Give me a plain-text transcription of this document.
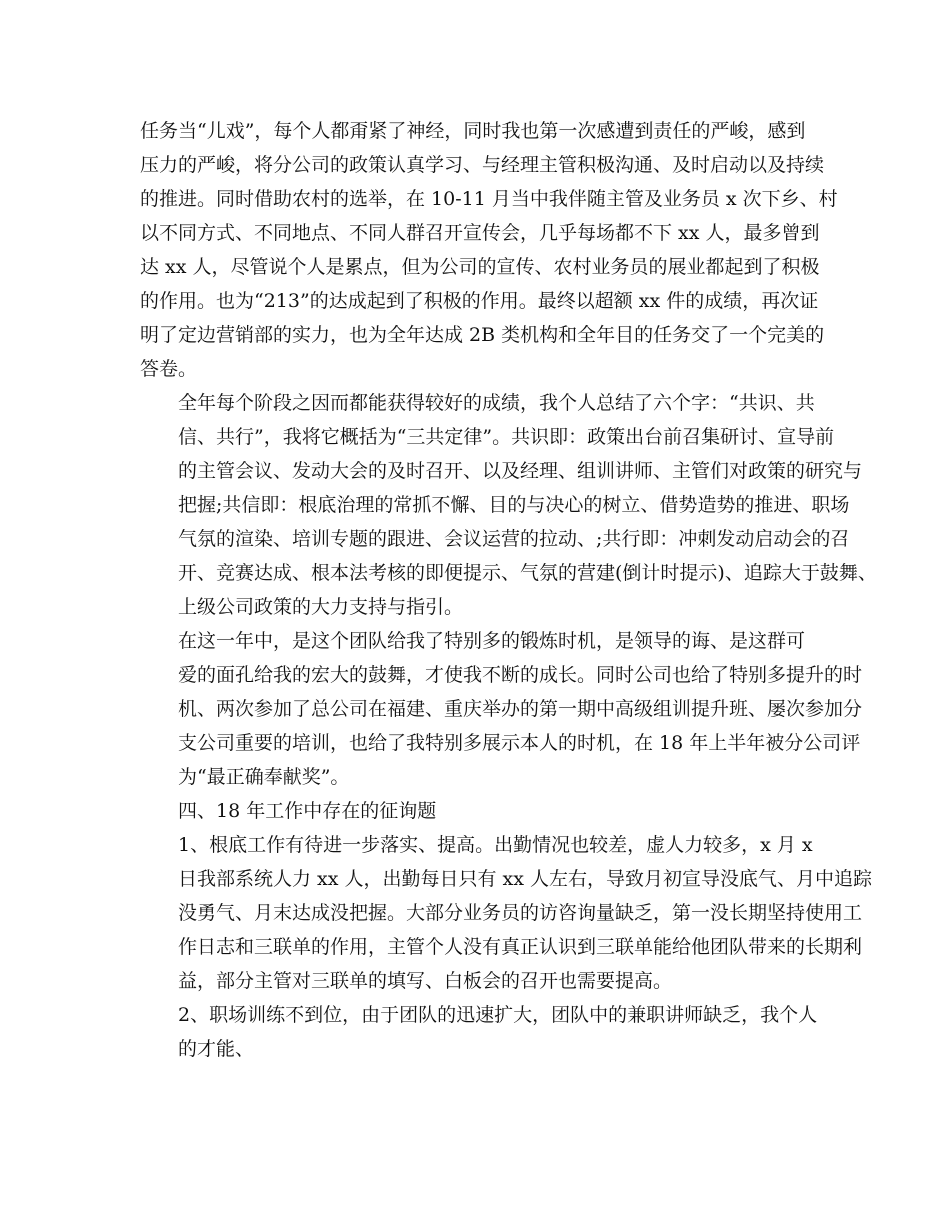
任务当“儿戏”，每个人都甭紧了神经，同时我也第一次感遭到责任的严峻，感到
压力的严峻，将分公司的政策认真学习、与经理主管积极沟通、及时启动以及持续
的推进。同时借助农村的选举，在 10-11 月当中我伴随主管及业务员 x 次下乡、村
以不同方式、不同地点、不同人群召开宣传会，几乎每场都不下 xx 人，最多曾到
达 xx 人，尽管说个人是累点，但为公司的宣传、农村业务员的展业都起到了积极
的作用。也为“213”的达成起到了积极的作用。最终以超额 xx 件的成绩，再次证
明了定边营销部的实力，也为全年达成 2B 类机构和全年目的任务交了一个完美的
答卷。

全年每个阶段之因而都能获得较好的成绩，我个人总结了六个字：“共识、共
信、共行”，我将它概括为“三共定律”。共识即：政策出台前召集研讨、宣导前
的主管会议、发动大会的及时召开、以及经理、组训讲师、主管们对政策的研究与
把握;共信即：根底治理的常抓不懈、目的与决心的树立、借势造势的推进、职场
气氛的渲染、培训专题的跟进、会议运营的拉动、;共行即：冲刺发动启动会的召
开、竞赛达成、根本法考核的即便提示、气氛的营建(倒计时提示)、追踪大于鼓舞、
上级公司政策的大力支持与指引。

在这一年中，是这个团队给我了特别多的锻炼时机，是领导的诲、是这群可
爱的面孔给我的宏大的鼓舞，才使我不断的成长。同时公司也给了特别多提升的时
机、两次参加了总公司在福建、重庆举办的第一期中高级组训提升班、屡次参加分
支公司重要的培训，也给了我特别多展示本人的时机，在 18 年上半年被分公司评
为“最正确奉献奖”。

四、18 年工作中存在的征询题

1、根底工作有待进一步落实、提高。出勤情况也较差，虚人力较多，x 月 x
日我部系统人力 xx 人，出勤每日只有 xx 人左右，导致月初宣导没底气、月中追踪
没勇气、月末达成没把握。大部分业务员的访咨询量缺乏，第一没长期坚持使用工
作日志和三联单的作用，主管个人没有真正认识到三联单能给他团队带来的长期利
益，部分主管对三联单的填写、白板会的召开也需要提高。

2、职场训练不到位，由于团队的迅速扩大，团队中的兼职讲师缺乏，我个人
的才能、
